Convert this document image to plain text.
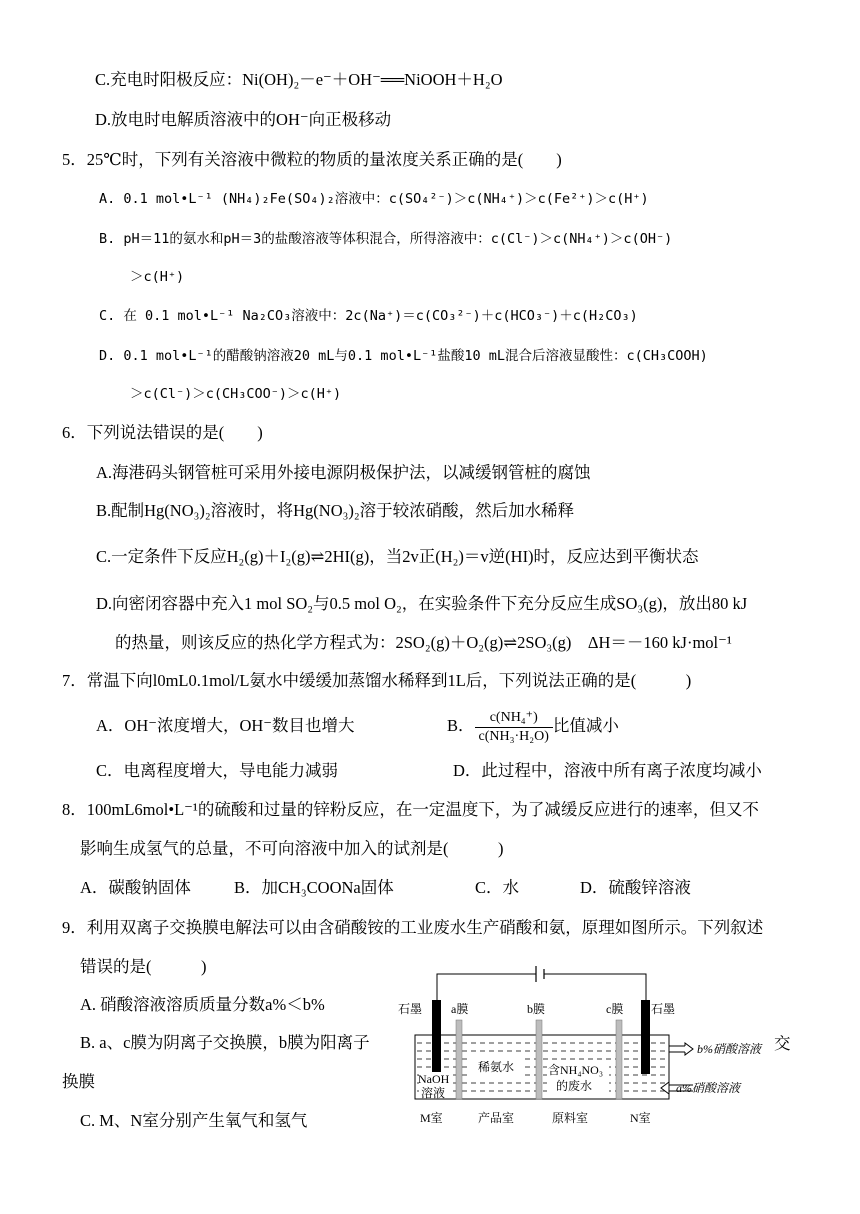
C.充电时阳极反应：Ni(OH)₂－e⁻＋OH⁻══NiOOH＋H₂O
D.放电时电解质溶液中的OH⁻向正极移动
5．25℃时，下列有关溶液中微粒的物质的量浓度关系正确的是(　　)
A. 0.1 mol•L⁻¹ (NH₄)₂Fe(SO₄)₂溶液中：c(SO₄²⁻)＞c(NH₄⁺)＞c(Fe²⁺)＞c(H⁺)
B. pH＝11的氨水和pH＝3的盐酸溶液等体积混合，所得溶液中：c(Cl⁻)＞c(NH₄⁺)＞c(OH⁻)
＞c(H⁺)
C. 在 0.1 mol•L⁻¹ Na₂CO₃溶液中：2c(Na⁺)＝c(CO₃²⁻)＋c(HCO₃⁻)＋c(H₂CO₃)
D. 0.1 mol•L⁻¹的醋酸钠溶液20 mL与0.1 mol•L⁻¹盐酸10 mL混合后溶液显酸性：c(CH₃COOH)
＞c(Cl⁻)＞c(CH₃COO⁻)＞c(H⁺)
6．下列说法错误的是(　　)
A.海港码头钢管桩可采用外接电源阴极保护法，以减缓钢管桩的腐蚀
B.配制Hg(NO₃)₂溶液时，将Hg(NO₃)₂溶于较浓硝酸，然后加水稀释
C.一定条件下反应H₂(g)＋I₂(g)⇌2HI(g)，当2v正(H₂)＝v逆(HI)时，反应达到平衡状态
D.向密闭容器中充入1 mol SO₂与0.5 mol O₂，在实验条件下充分反应生成SO₃(g)，放出80 kJ
的热量，则该反应的热化学方程式为：2SO₂(g)＋O₂(g)⇌2SO₃(g)　ΔH＝－160 kJ·mol⁻¹
7．常温下向l0mL0.1mol/L氨水中缓缓加蒸馏水稀释到1L后，下列说法正确的是(　　　)
A．OH⁻浓度增大，OH⁻数目也增大	B． $\frac{\text{c(NH₄⁺)}}{\text{c(NH₃·H₂O)}}$ 比值减小
C．电离程度增大，导电能力减弱	D．此过程中，溶液中所有离子浓度均减小
8．100mL6mol•L⁻¹的硫酸和过量的锌粉反应，在一定温度下，为了减缓反应进行的速率，但又不
影响生成氢气的总量，不可向溶液中加入的试剂是(　　　)
A．碳酸钠固体	B．加CH₃COONa固体	C．水	D．硫酸锌溶液
9．利用双离子交换膜电解法可以由含硝酸铵的工业废水生产硝酸和氨，原理如图所示。下列叙述
错误的是(　　　)
A. 硝酸溶液溶质质量分数a%＜b%
B. a、c膜为阴离子交换膜，b膜为阳离子
换膜
交
C. M、N室分别产生氧气和氢气
石墨 a膜	b膜	c膜 石墨
NaOH
溶液
稀氨水	含NH₄NO₃
的废水
b%硝酸溶液
a%硝酸溶液
M室	产品室	原料室	N室
